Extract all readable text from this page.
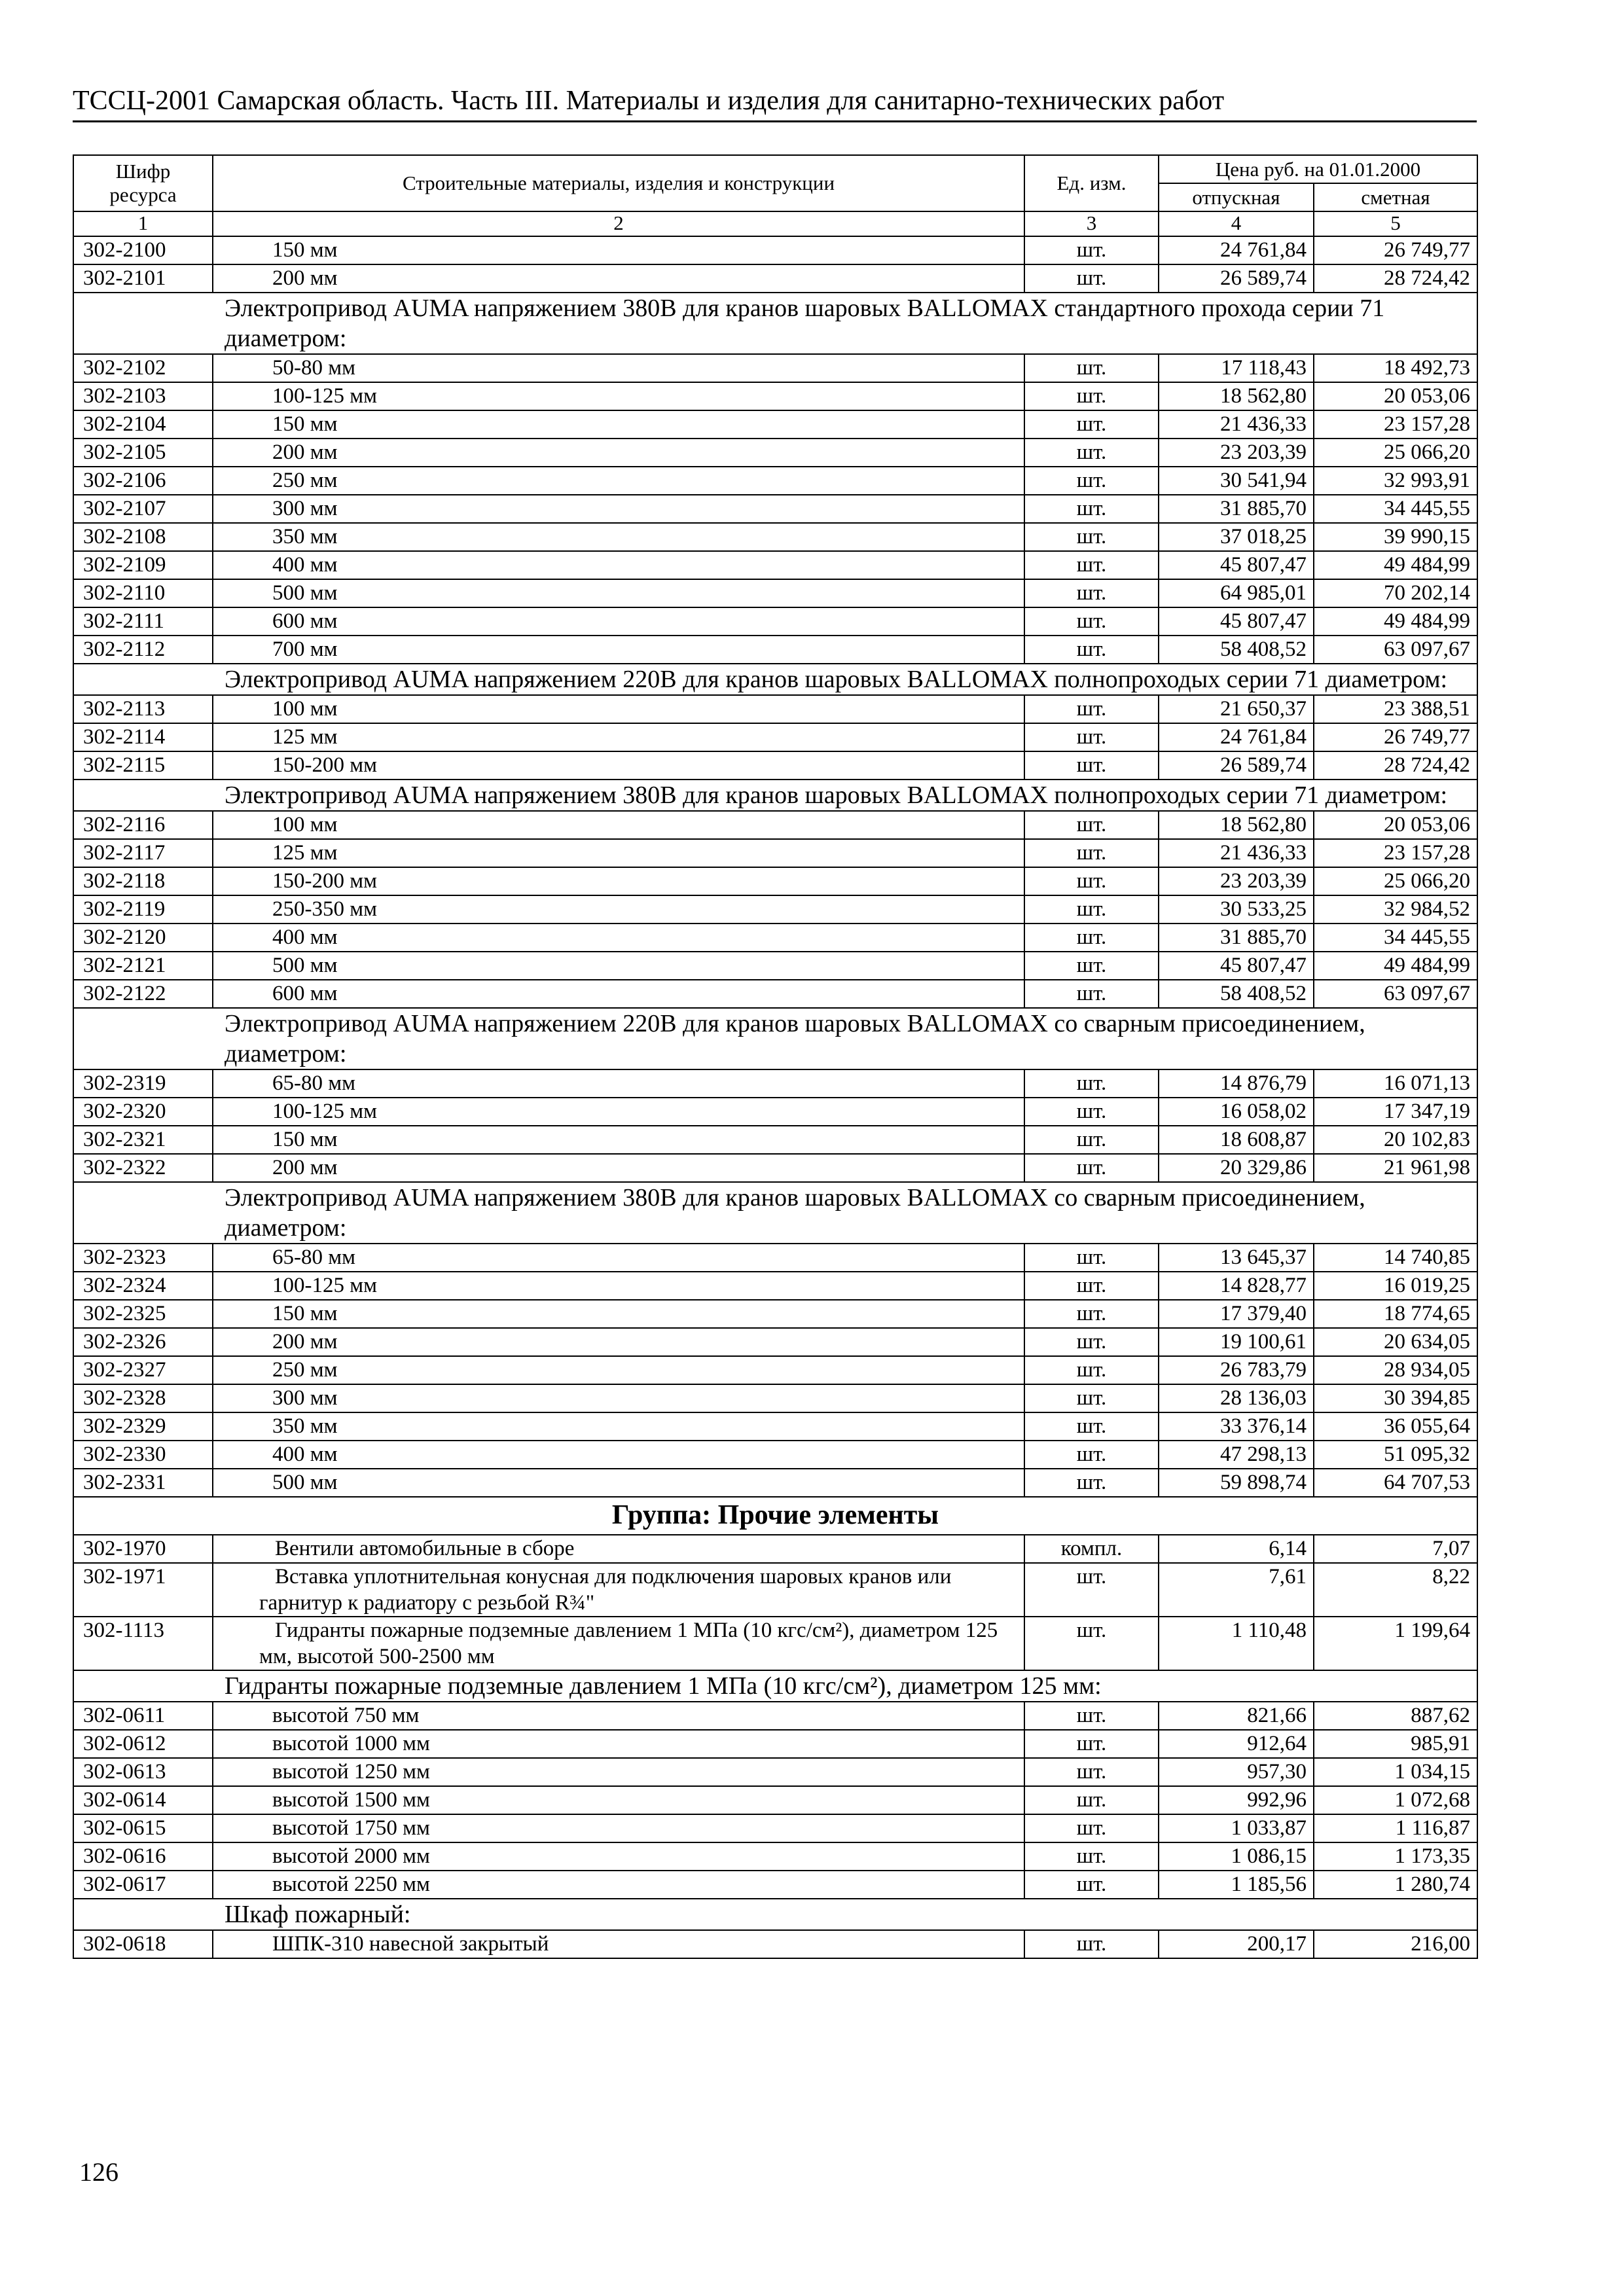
ТССЦ-2001 Самарская область. Часть III. Материалы и изделия для санитарно-технических работ
Шифр ресурса	Строительные материалы, изделия и конструкции	Ед. изм.	Цена руб. на 01.01.2000	
			отпускная	сметная
1	2	3	4	5
302-2100	150 мм	шт.	24 761,84	26 749,77
302-2101	200 мм	шт.	26 589,74	28 724,42
Электропривод AUMA напряжением 380В для кранов шаровых BALLOMAX стандартного прохода серии 71 диаметром:				
302-2102	50-80 мм	шт.	17 118,43	18 492,73
302-2103	100-125 мм	шт.	18 562,80	20 053,06
302-2104	150 мм	шт.	21 436,33	23 157,28
302-2105	200 мм	шт.	23 203,39	25 066,20
302-2106	250 мм	шт.	30 541,94	32 993,91
302-2107	300 мм	шт.	31 885,70	34 445,55
302-2108	350 мм	шт.	37 018,25	39 990,15
302-2109	400 мм	шт.	45 807,47	49 484,99
302-2110	500 мм	шт.	64 985,01	70 202,14
302-2111	600 мм	шт.	45 807,47	49 484,99
302-2112	700 мм	шт.	58 408,52	63 097,67
Электропривод AUMA напряжением 220В для кранов шаровых BALLOMAX полнопроходых серии 71 диаметром:				
302-2113	100 мм	шт.	21 650,37	23 388,51
302-2114	125 мм	шт.	24 761,84	26 749,77
302-2115	150-200 мм	шт.	26 589,74	28 724,42
Электропривод AUMA напряжением 380В для кранов шаровых BALLOMAX полнопроходых серии 71 диаметром:				
302-2116	100 мм	шт.	18 562,80	20 053,06
302-2117	125 мм	шт.	21 436,33	23 157,28
302-2118	150-200 мм	шт.	23 203,39	25 066,20
302-2119	250-350 мм	шт.	30 533,25	32 984,52
302-2120	400 мм	шт.	31 885,70	34 445,55
302-2121	500 мм	шт.	45 807,47	49 484,99
302-2122	600 мм	шт.	58 408,52	63 097,67
Электропривод AUMA напряжением 220В для кранов шаровых BALLOMAX со сварным присоединением, диаметром:				
302-2319	65-80 мм	шт.	14 876,79	16 071,13
302-2320	100-125 мм	шт.	16 058,02	17 347,19
302-2321	150 мм	шт.	18 608,87	20 102,83
302-2322	200 мм	шт.	20 329,86	21 961,98
Электропривод AUMA напряжением 380В для кранов шаровых BALLOMAX со сварным присоединением, диаметром:				
302-2323	65-80 мм	шт.	13 645,37	14 740,85
302-2324	100-125 мм	шт.	14 828,77	16 019,25
302-2325	150 мм	шт.	17 379,40	18 774,65
302-2326	200 мм	шт.	19 100,61	20 634,05
302-2327	250 мм	шт.	26 783,79	28 934,05
302-2328	300 мм	шт.	28 136,03	30 394,85
302-2329	350 мм	шт.	33 376,14	36 055,64
302-2330	400 мм	шт.	47 298,13	51 095,32
302-2331	500 мм	шт.	59 898,74	64 707,53
Группа: Прочие элементы				
302-1970	Вентили автомобильные в сборе	компл.	6,14	7,07
302-1971	Вставка уплотнительная конусная для подключения шаровых кранов или гарнитур к радиатору с резьбой R¾"	шт.	7,61	8,22
302-1113	Гидранты пожарные подземные давлением 1 МПа (10 кгс/см²), диаметром 125 мм, высотой 500-2500 мм	шт.	1 110,48	1 199,64
Гидранты пожарные подземные давлением 1 МПа (10 кгс/см²), диаметром 125 мм:				
302-0611	высотой 750 мм	шт.	821,66	887,62
302-0612	высотой 1000 мм	шт.	912,64	985,91
302-0613	высотой 1250 мм	шт.	957,30	1 034,15
302-0614	высотой 1500 мм	шт.	992,96	1 072,68
302-0615	высотой 1750 мм	шт.	1 033,87	1 116,87
302-0616	высотой 2000 мм	шт.	1 086,15	1 173,35
302-0617	высотой 2250 мм	шт.	1 185,56	1 280,74
Шкаф пожарный:				
302-0618	ШПК-310 навесной закрытый	шт.	200,17	216,00
126
